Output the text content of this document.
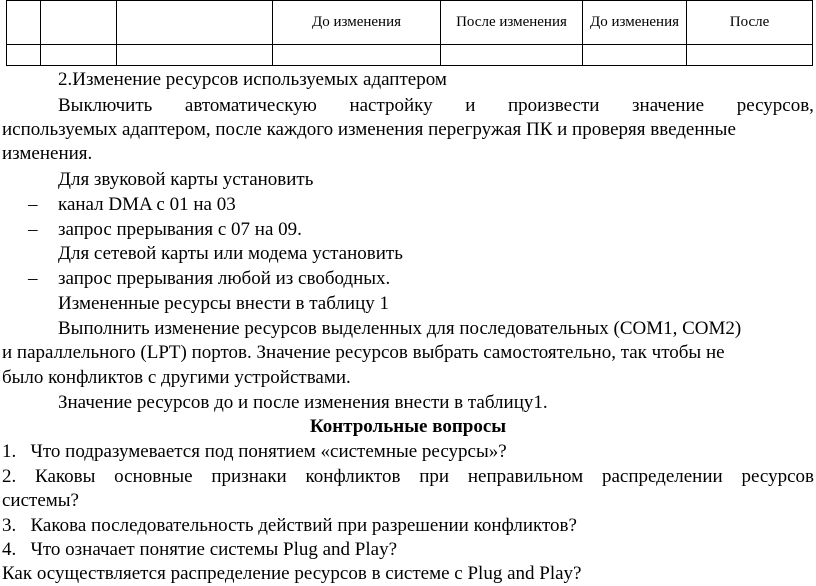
			До изменения	После изменения	До изменения	После

2.Изменение ресурсов используемых адаптером
Выключить автоматическую настройку и произвести значение ресурсов,
используемых адаптером, после каждого изменения перегружая ПК и проверяя введенные
изменения.
Для звуковой карты установить
– канал DMA с 01 на 03
– запрос прерывания с 07 на 09.
Для сетевой карты или модема установить
– запрос прерывания любой из свободных.
Измененные ресурсы внести в таблицу 1
Выполнить изменение ресурсов выделенных для последовательных (COM1, COM2)
и параллельного (LPT) портов. Значение ресурсов выбрать самостоятельно, так чтобы не
было конфликтов с другими устройствами.
Значение ресурсов до и после изменения внести в таблицу1.
Контрольные вопросы
1.   Что подразумевается под понятием «системные ресурсы»?
2. Каковы основные признаки конфликтов при неправильном распределении ресурсов
системы?
3.   Какова последовательность действий при разрешении конфликтов?
4.   Что означает понятие системы Plug and Play?
Как осуществляется распределение ресурсов в системе с Plug and Play?
